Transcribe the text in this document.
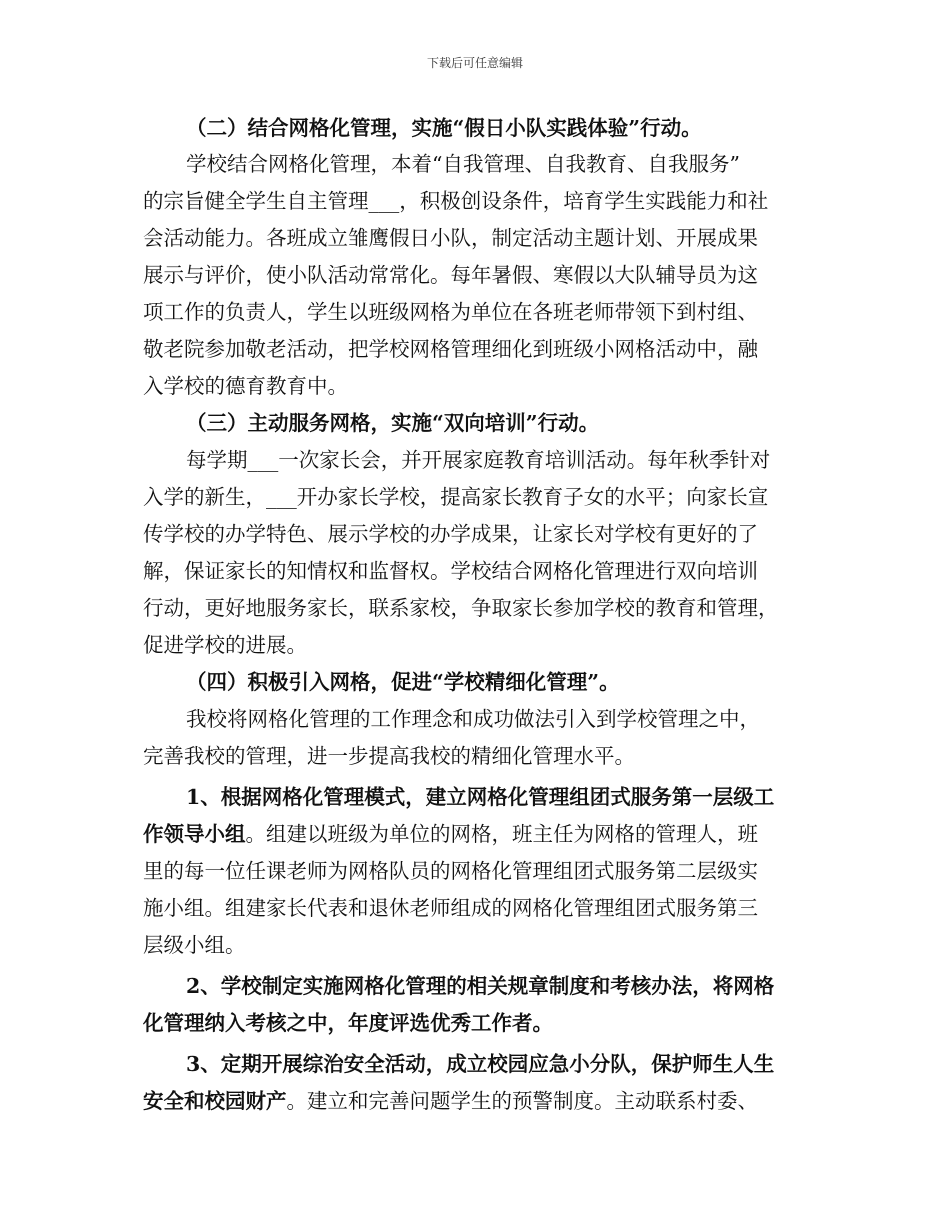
下载后可任意编辑
（二）结合网格化管理，实施“假日小队实践体验”行动。
学校结合网格化管理，本着“自我管理、自我教育、自我服务”
的宗旨健全学生自主管理___，积极创设条件，培育学生实践能力和社
会活动能力。各班成立雏鹰假日小队，制定活动主题计划、开展成果
展示与评价，使小队活动常常化。每年暑假、寒假以大队辅导员为这
项工作的负责人，学生以班级网格为单位在各班老师带领下到村组、
敬老院参加敬老活动，把学校网格管理细化到班级小网格活动中，融
入学校的德育教育中。
（三）主动服务网格，实施“双向培训”行动。
每学期___一次家长会，并开展家庭教育培训活动。每年秋季针对
入学的新生，___开办家长学校，提高家长教育子女的水平；向家长宣
传学校的办学特色、展示学校的办学成果，让家长对学校有更好的了
解，保证家长的知情权和监督权。学校结合网格化管理进行双向培训
行动，更好地服务家长，联系家校，争取家长参加学校的教育和管理，
促进学校的进展。
（四）积极引入网格，促进“学校精细化管理”。
我校将网格化管理的工作理念和成功做法引入到学校管理之中，
完善我校的管理，进一步提高我校的精细化管理水平。
1、根据网格化管理模式，建立网格化管理组团式服务第一层级工
作领导小组。组建以班级为单位的网格，班主任为网格的管理人，班
里的每一位任课老师为网格队员的网格化管理组团式服务第二层级实
施小组。组建家长代表和退休老师组成的网格化管理组团式服务第三
层级小组。
2、学校制定实施网格化管理的相关规章制度和考核办法，将网格
化管理纳入考核之中，年度评选优秀工作者。
3、定期开展综治安全活动，成立校园应急小分队，保护师生人生
安全和校园财产。建立和完善问题学生的预警制度。主动联系村委、
